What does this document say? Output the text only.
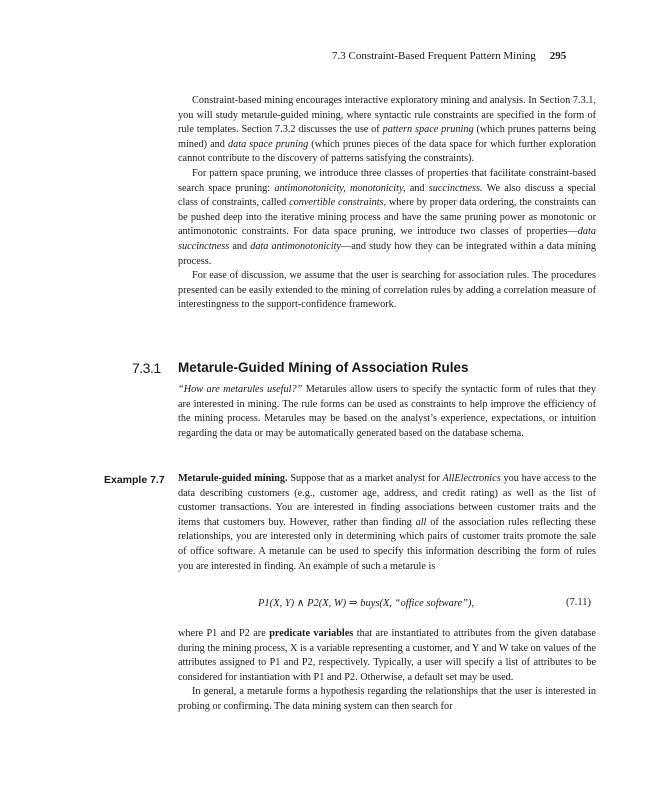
7.3 Constraint-Based Frequent Pattern Mining 295

Constraint-based mining encourages interactive exploratory mining and analysis. In Section 7.3.1, you will study metarule-guided mining, where syntactic rule constraints are specified in the form of rule templates. Section 7.3.2 discusses the use of pattern space pruning (which prunes patterns being mined) and data space pruning (which prunes pieces of the data space for which further exploration cannot contribute to the discovery of patterns satisfying the constraints).

For pattern space pruning, we introduce three classes of properties that facilitate constraint-based search space pruning: antimonotonicity, monotonicity, and succinctness. We also discuss a special class of constraints, called convertible constraints, where by proper data ordering, the constraints can be pushed deep into the iterative mining process and have the same pruning power as monotonic or antimonotonic constraints. For data space pruning, we introduce two classes of properties—data succinctness and data antimonotonicity—and study how they can be integrated within a data mining process.

For ease of discussion, we assume that the user is searching for association rules. The procedures presented can be easily extended to the mining of correlation rules by adding a correlation measure of interestingness to the support-confidence framework.

7.3.1 Metarule-Guided Mining of Association Rules

“How are metarules useful?” Metarules allow users to specify the syntactic form of rules that they are interested in mining. The rule forms can be used as constraints to help improve the efficiency of the mining process. Metarules may be based on the analyst’s experience, expectations, or intuition regarding the data or may be automatically generated based on the database schema.

Example 7.7 Metarule-guided mining. Suppose that as a market analyst for AllElectronics you have access to the data describing customers (e.g., customer age, address, and credit rating) as well as the list of customer transactions. You are interested in finding associations between customer traits and the items that customers buy. However, rather than finding all of the association rules reflecting these relationships, you are interested only in determining which pairs of customer traits promote the sale of office software. A metarule can be used to specify this information describing the form of rules you are interested in finding. An example of such a metarule is

P1(X, Y) ∧ P2(X, W) ⇒ buys(X, “office software”),	(7.11)

where P1 and P2 are predicate variables that are instantiated to attributes from the given database during the mining process, X is a variable representing a customer, and Y and W take on values of the attributes assigned to P1 and P2, respectively. Typically, a user will specify a list of attributes to be considered for instantiation with P1 and P2. Otherwise, a default set may be used.

In general, a metarule forms a hypothesis regarding the relationships that the user is interested in probing or confirming. The data mining system can then search for
